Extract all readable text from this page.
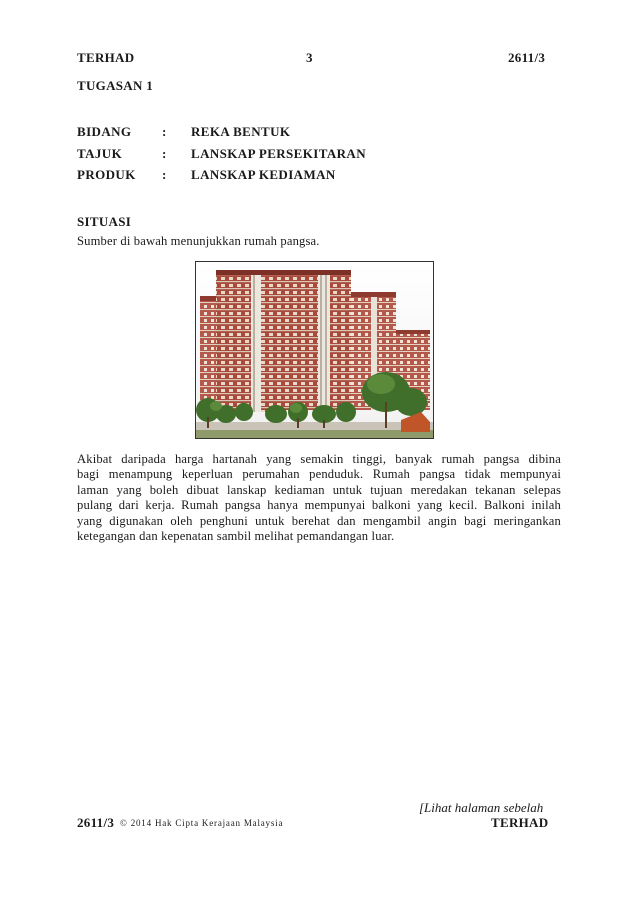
TERHAD	3	2611/3
TUGASAN 1
BIDANG : REKA BENTUK
TAJUK	: LANSKAP PERSEKITARAN
PRODUK : LANSKAP KEDIAMAN
SITUASI
Sumber di bawah menunjukkan rumah pangsa.
Akibat daripada harga hartanah yang semakin tinggi, banyak rumah pangsa dibina
bagi menampung keperluan perumahan penduduk. Rumah pangsa tidak mempunyai
laman yang boleh dibuat lanskap kediaman untuk tujuan meredakan tekanan selepas
pulang dari kerja. Rumah pangsa hanya mempunyai balkoni yang kecil. Balkoni inilah
yang digunakan oleh penghuni untuk berehat dan mengambil angin bagi meringankan
ketegangan dan kepenatan sambil melihat pemandangan luar.
[Lihat halaman sebelah
2611/3 © 2014 Hak Cipta Kerajaan Malaysia	TERHAD
